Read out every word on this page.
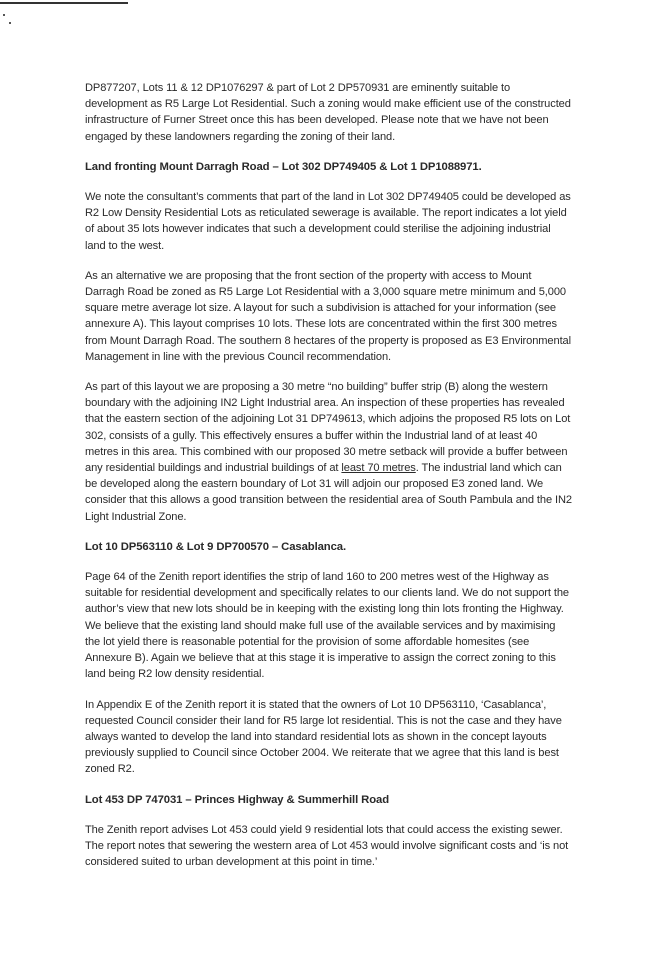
DP877207, Lots 11 & 12 DP1076297 & part of Lot 2 DP570931 are eminently suitable to development as R5 Large Lot Residential. Such a zoning would make efficient use of the constructed infrastructure of Furner Street once this has been developed. Please note that we have not been engaged by these landowners regarding the zoning of their land.

Land fronting Mount Darragh Road – Lot 302 DP749405 & Lot 1 DP1088971.

We note the consultant’s comments that part of the land in Lot 302 DP749405 could be developed as R2 Low Density Residential Lots as reticulated sewerage is available. The report indicates a lot yield of about 35 lots however indicates that such a development could sterilise the adjoining industrial land to the west.

As an alternative we are proposing that the front section of the property with access to Mount Darragh Road be zoned as R5 Large Lot Residential with a 3,000 square metre minimum and 5,000 square metre average lot size. A layout for such a subdivision is attached for your information (see annexure A). This layout comprises 10 lots. These lots are concentrated within the first 300 metres from Mount Darragh Road. The southern 8 hectares of the property is proposed as E3 Environmental Management in line with the previous Council recommendation.

As part of this layout we are proposing a 30 metre “no building” buffer strip (B) along the western boundary with the adjoining IN2 Light Industrial area. An inspection of these properties has revealed that the eastern section of the adjoining Lot 31 DP749613, which adjoins the proposed R5 lots on Lot 302, consists of a gully. This effectively ensures a buffer within the Industrial land of at least 40 metres in this area. This combined with our proposed 30 metre setback will provide a buffer between any residential buildings and industrial buildings of at least 70 metres. The industrial land which can be developed along the eastern boundary of Lot 31 will adjoin our proposed E3 zoned land. We consider that this allows a good transition between the residential area of South Pambula and the IN2 Light Industrial Zone.

Lot 10 DP563110 & Lot 9 DP700570 – Casablanca.

Page 64 of the Zenith report identifies the strip of land 160 to 200 metres west of the Highway as suitable for residential development and specifically relates to our clients land. We do not support the author’s view that new lots should be in keeping with the existing long thin lots fronting the Highway. We believe that the existing land should make full use of the available services and by maximising the lot yield there is reasonable potential for the provision of some affordable homesites (see Annexure B). Again we believe that at this stage it is imperative to assign the correct zoning to this land being R2 low density residential.

In Appendix E of the Zenith report it is stated that the owners of Lot 10 DP563110, ‘Casablanca’, requested Council consider their land for R5 large lot residential. This is not the case and they have always wanted to develop the land into standard residential lots as shown in the concept layouts previously supplied to Council since October 2004. We reiterate that we agree that this land is best zoned R2.

Lot 453 DP 747031 – Princes Highway & Summerhill Road

The Zenith report advises Lot 453 could yield 9 residential lots that could access the existing sewer. The report notes that sewering the western area of Lot 453 would involve significant costs and ‘is not considered suited to urban development at this point in time.’
